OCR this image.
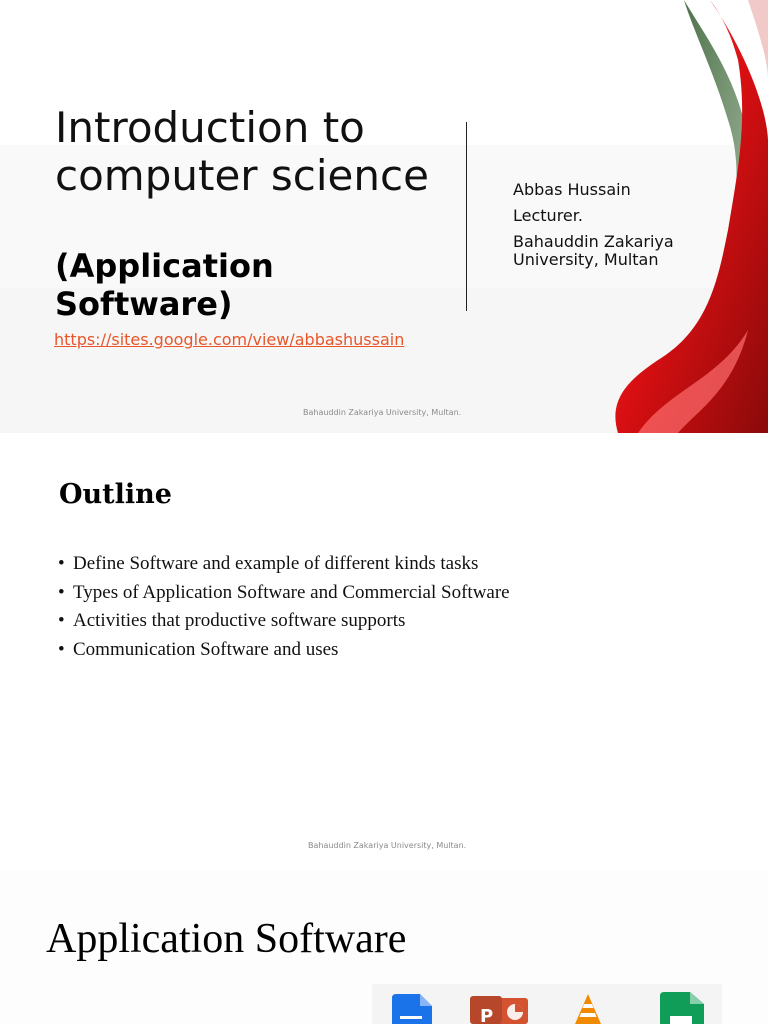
Introduction to computer science
(Application Software)
https://sites.google.com/view/abbashussain
Abbas Hussain
Lecturer.
Bahauddin Zakariya University, Multan
Bahauddin Zakariya University, Multan.
Outline
• Define Software and example of different kinds tasks
• Types of Application Software and Commercial Software
• Activities that productive software supports
• Communication Software and uses
Bahauddin Zakariya University, Multan.
Application Software
P
